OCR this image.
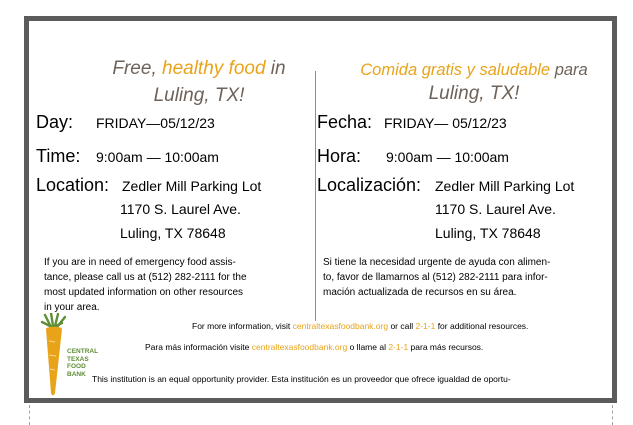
Free, healthy food in
Luling, TX!
Comida gratis y saludable para
Luling, TX!
Day: FRIDAY—05/12/23
Time: 9:00am — 10:00am
Location: Zedler Mill Parking Lot
1170 S. Laurel Ave.
Luling, TX 78648
If you are in need of emergency food assis-
tance, please call us at (512) 282-2111 for the
most updated information on other resources
in your area.
Fecha: FRIDAY— 05/12/23
Hora: 9:00am — 10:00am
Localización: Zedler Mill Parking Lot
1170 S. Laurel Ave.
Luling, TX 78648
Si tiene la necesidad urgente de ayuda con alimen-
to, favor de llamarnos al (512) 282-2111 para infor-
mación actualizada de recursos en su área.
CENTRAL
TEXAS
FOOD
BANK
For more information, visit centraltexasfoodbank.org or call 2-1-1 for additional resources.
Para más información visite centraltexasfoodbank.org o llame al 2-1-1 para más recursos.
This institution is an equal opportunity provider. Esta institución es un proveedor que ofrece igualdad de oportu-
